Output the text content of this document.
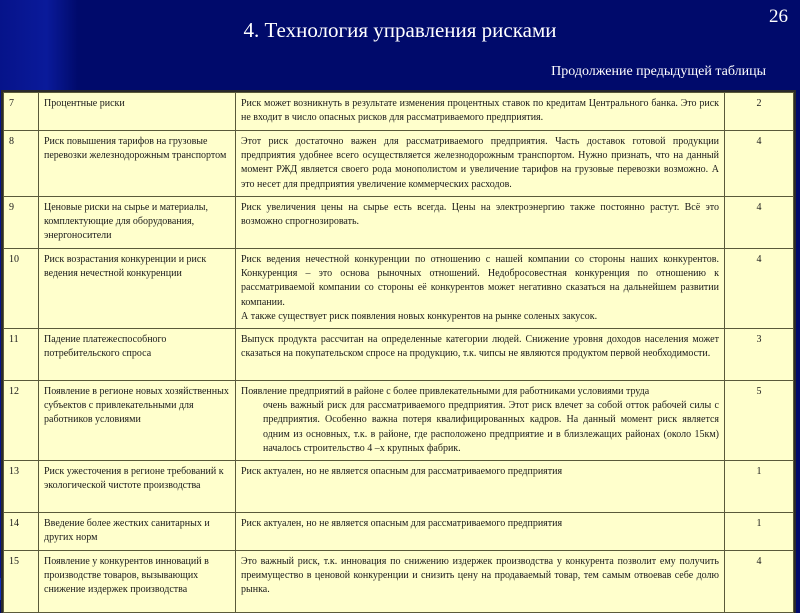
26
4. Технология управления рисками
Продолжение предыдущей таблицы
7	Процентные риски	Риск может возникнуть в результате изменения процентных ставок по кредитам Центрального банка. Это риск не входит в число опасных рисков для рассматриваемого предприятия.	2
8	Риск повышения тарифов на грузовые перевозки железнодорожным транспортом	Этот риск достаточно важен для рассматриваемого предприятия. Часть доставок готовой продукции предприятия удобнее всего осуществляется железнодорожным транспортом. Нужно признать, что на данный момент РЖД является своего рода монополистом и увеличение тарифов на грузовые перевозки возможно. А это несет для предприятия увеличение коммерческих расходов.	4
9	Ценовые риски на сырье и материалы, комплектующие для оборудования, энергоносители	Риск увеличения цены на сырье есть всегда. Цены на электроэнергию также постоянно растут. Всё это возможно спрогнозировать.	4
10	Риск возрастания конкуренции и риск ведения нечестной конкуренции	Риск ведения нечестной конкуренции по отношению с нашей компании со стороны наших конкурентов. Конкуренция – это основа рыночных отношений. Недобросовестная конкуренция по отношению к рассматриваемой компании со стороны её конкурентов может негативно сказаться на дальнейшем развитии компании.
А также существует риск появления новых конкурентов на рынке соленых закусок.	4
11	Падение платежеспособного потребительского спроса	Выпуск продукта рассчитан на определенные категории людей. Снижение уровня доходов населения может сказаться на покупательском спросе на продукцию, т.к. чипсы не являются продуктом первой необходимости.	3
12	Появление в регионе новых хозяйственных субъектов с привлекательными для работников условиями	Появление предприятий в районе с более привлекательными для работниками условиями труда
очень важный риск для рассматриваемого предприятия. Этот риск влечет за собой отток рабочей силы с предприятия. Особенно важна потеря квалифицированных кадров. На данный момент риск является одним из основных, т.к. в районе, где расположено предприятие и в близлежащих районах (около 15км) началось строительство 4 –х крупных фабрик.	5
13	Риск ужесточения в регионе требований к экологической чистоте производства	Риск актуален, но не является опасным для рассматриваемого предприятия	1
14	Введение более жестких санитарных и других норм	Риск актуален, но не является опасным для рассматриваемого предприятия	1
15	Появление у конкурентов инноваций в производстве товаров, вызывающих снижение издержек производства	Это важный риск, т.к. инновация по снижению издержек производства у конкурента позволит ему получить преимущество в ценовой конкуренции и снизить цену на продаваемый товар, тем самым отвоевав себе долю рынка.	4
